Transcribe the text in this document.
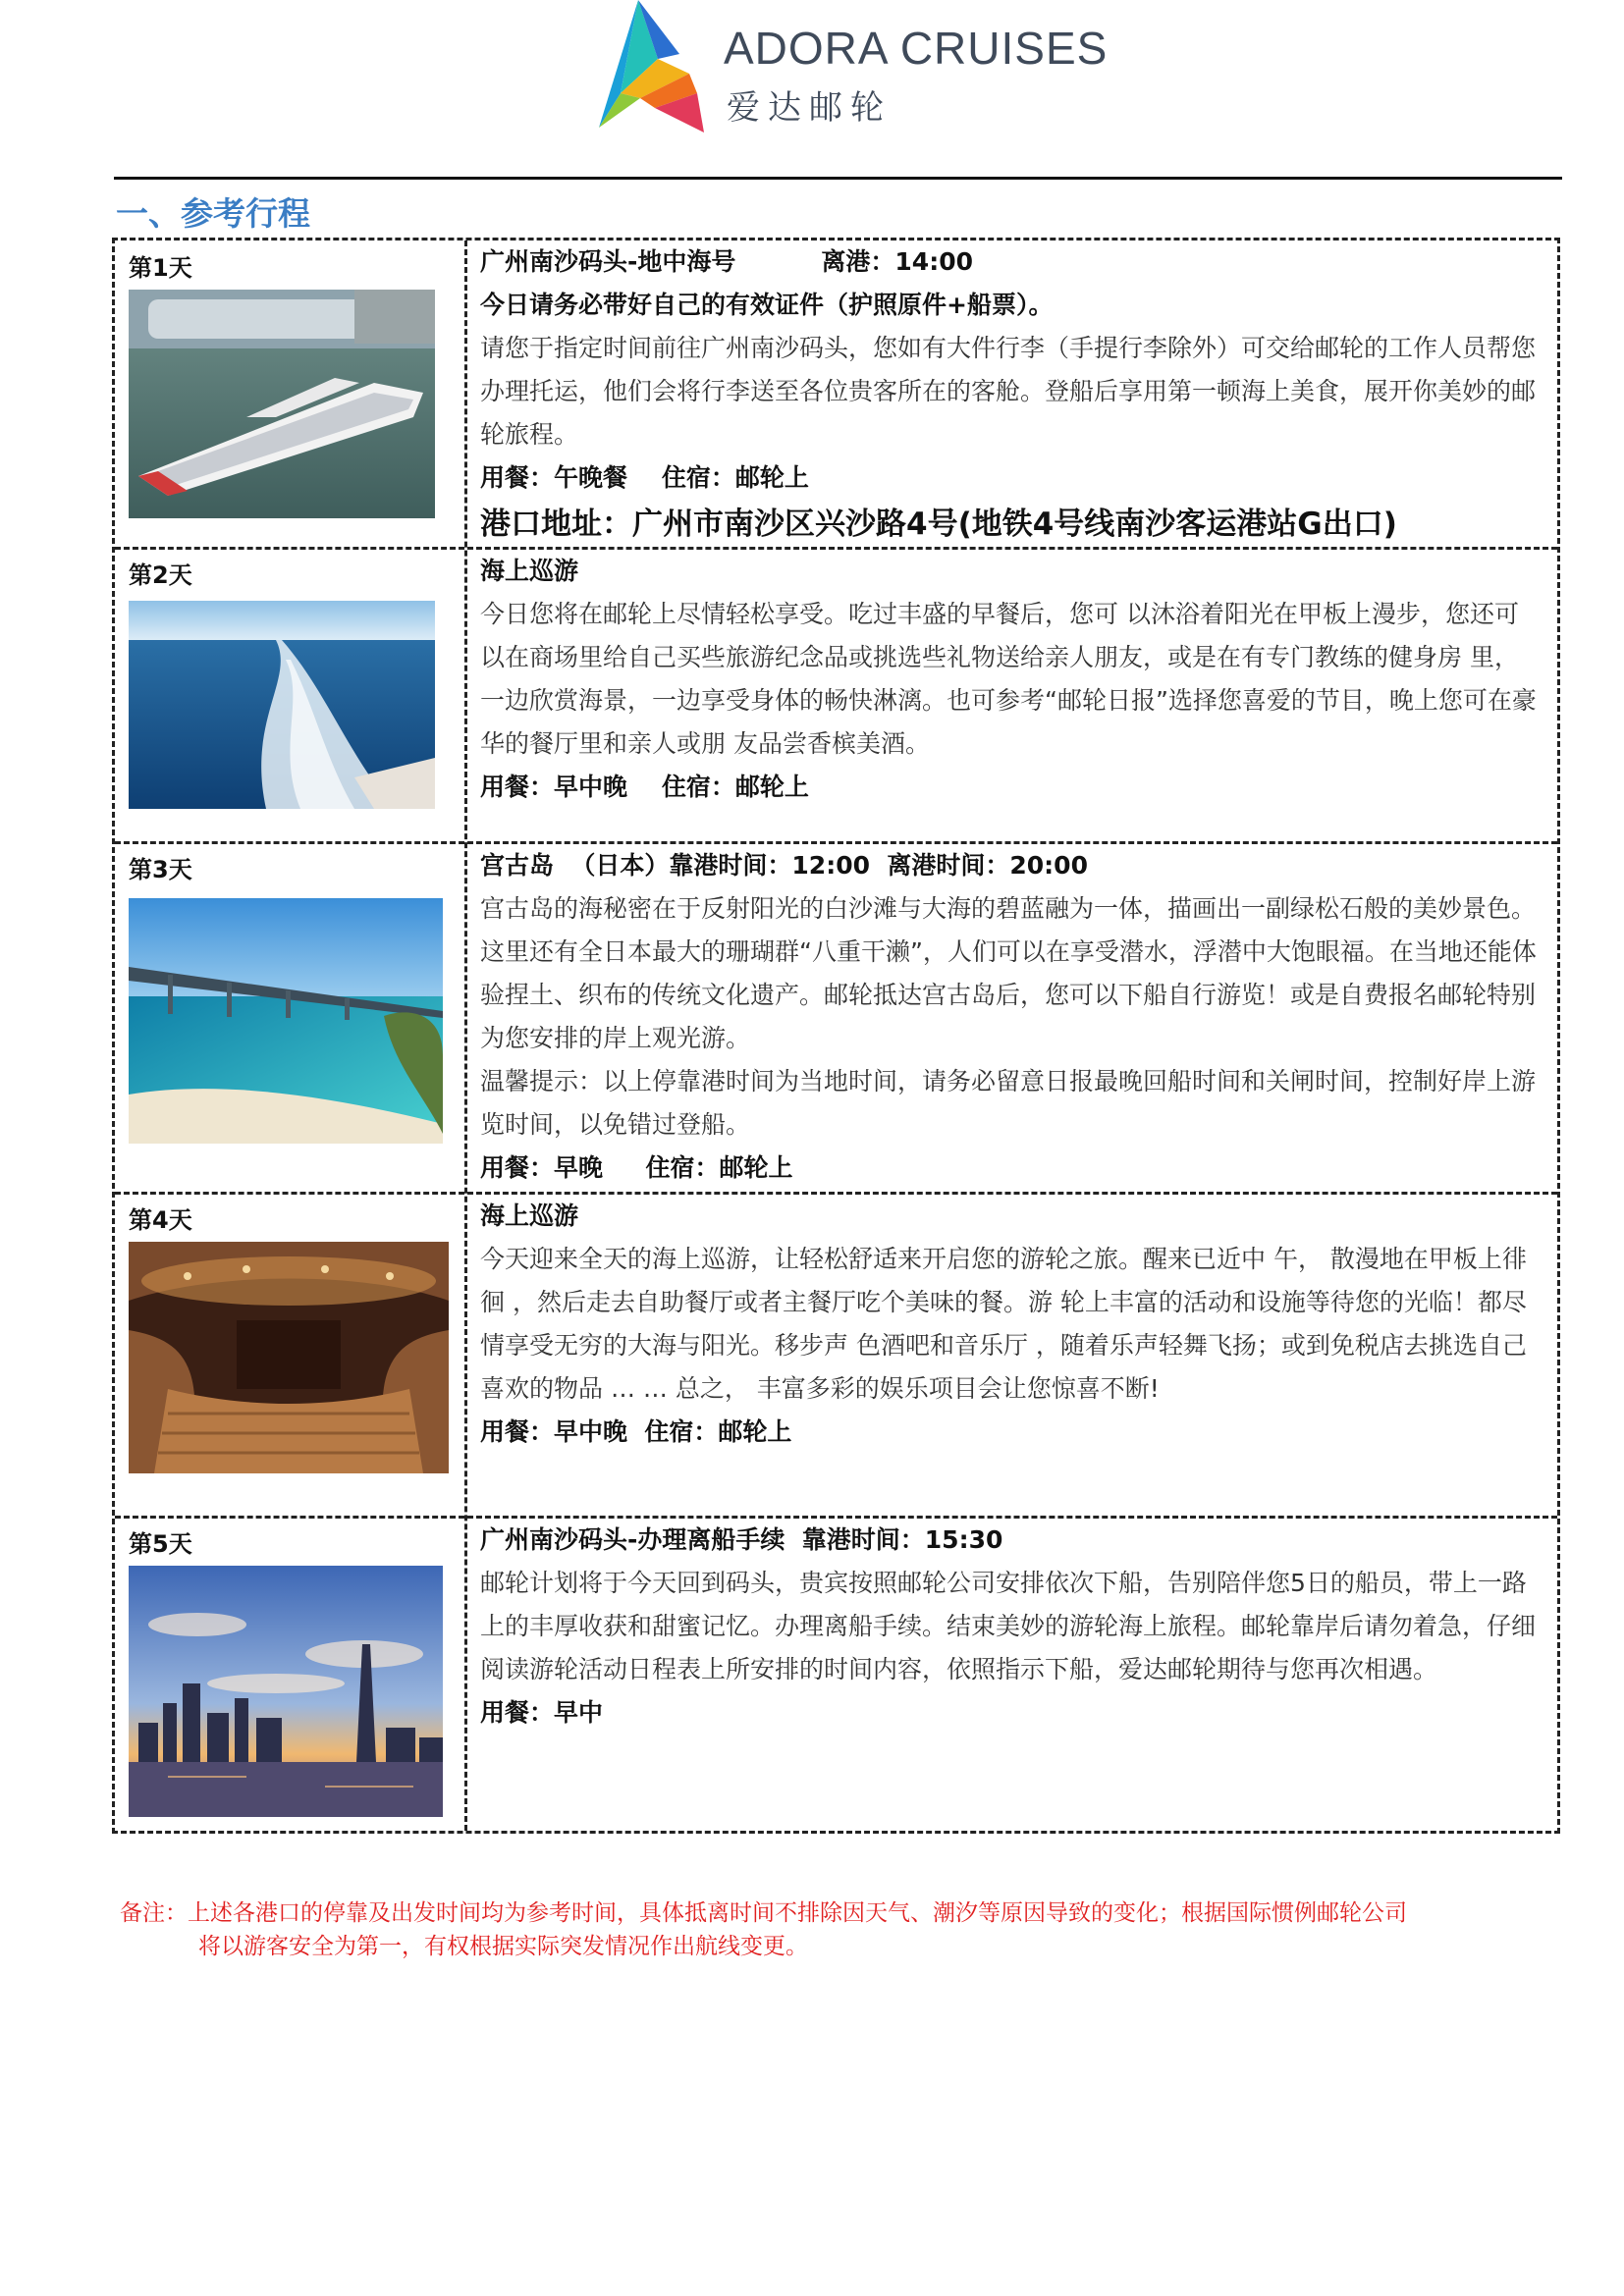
ADORA CRUISES
爱达邮轮
一、参考行程
第1天	广州南沙码头-地中海号          离港：14:00

今日请务必带好自己的有效证件（护照原件+船票）。

请您于指定时间前往广州南沙码头，您如有大件行李（手提行李除外）可交给邮轮的工作人员帮您办理托运，他们会将行李送至各位贵客所在的客舱。登船后享用第一顿海上美食，展开你美妙的邮轮旅程。

用餐：午晚餐    住宿：邮轮上

港口地址：广州市南沙区兴沙路4号(地铁4号线南沙客运港站G出口)

第2天	海上巡游

今日您将在邮轮上尽情轻松享受。吃过丰盛的早餐后，您可 以沐浴着阳光在甲板上漫步，您还可以在商场里给自己买些旅游纪念品或挑选些礼物送给亲人朋友，或是在有专门教练的健身房 里，一边欣赏海景，一边享受身体的畅快淋漓。也可参考“邮轮日报”选择您喜爱的节目，晚上您可在豪华的餐厅里和亲人或朋 友品尝香槟美酒。

用餐：早中晚    住宿：邮轮上

第3天	宫古岛  （日本）靠港时间：12:00  离港时间：20:00

宫古岛的海秘密在于反射阳光的白沙滩与大海的碧蓝融为一体，描画出一副绿松石般的美妙景色。这里还有全日本最大的珊瑚群“八重干濑”，人们可以在享受潜水，浮潜中大饱眼福。在当地还能体验捏土、织布的传统文化遗产。邮轮抵达宫古岛后，您可以下船自行游览！或是自费报名邮轮特别为您安排的岸上观光游。

温馨提示：以上停靠港时间为当地时间，请务必留意日报最晚回船时间和关闸时间，控制好岸上游览时间，以免错过登船。

用餐：早晚     住宿：邮轮上

第4天	海上巡游

今天迎来全天的海上巡游，让轻松舒适来开启您的游轮之旅。醒来已近中 午， 散漫地在甲板上徘徊 ，然后走去自助餐厅或者主餐厅吃个美味的餐。游 轮上丰富的活动和设施等待您的光临！都尽情享受无穷的大海与阳光。移步声 色酒吧和音乐厅 ，随着乐声轻舞飞扬；或到免税店去挑选自己喜欢的物品 … … 总之， 丰富多彩的娱乐项目会让您惊喜不断!

用餐：早中晚  住宿：邮轮上

第5天	广州南沙码头-办理离船手续  靠港时间：15:30

邮轮计划将于今天回到码头，贵宾按照邮轮公司安排依次下船，告别陪伴您5日的船员，带上一路上的丰厚收获和甜蜜记忆。办理离船手续。结束美妙的游轮海上旅程。邮轮靠岸后请勿着急，仔细阅读游轮活动日程表上所安排的时间内容，依照指示下船，爱达邮轮期待与您再次相遇。

用餐：早中

备注：上述各港口的停靠及出发时间均为参考时间，具体抵离时间不排除因天气、潮汐等原因导致的变化；根据国际惯例邮轮公司
将以游客安全为第一，有权根据实际突发情况作出航线变更。
